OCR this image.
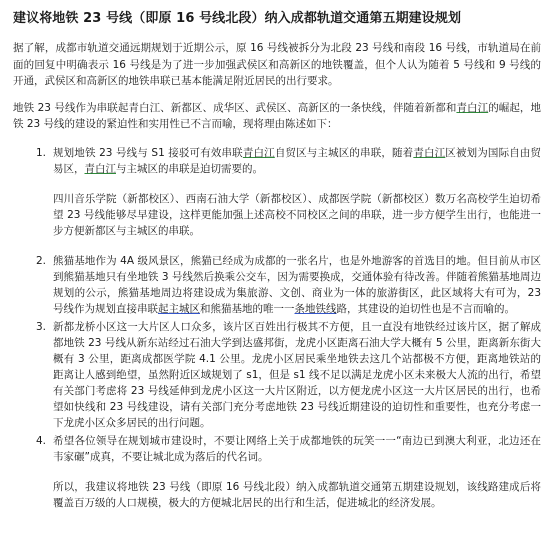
建议将地铁 23 号线（即原 16 号线北段）纳入成都轨道交通第五期建设规划

据了解，成都市轨道交通远期规划于近期公示，原 16 号线被拆分为北段 23 号线和南段 16 号线，市轨道局在前面的回复中明确表示 16 号线是为了进一步加强武侯区和高新区的地铁覆盖，但个人认为随着 5 号线和 9 号线的开通，武侯区和高新区的地铁串联已基本能满足附近居民的出行要求。

地铁 23 号线作为串联起青白江、新都区、成华区、武侯区、高新区的一条快线，伴随着新都和青白江的崛起，地铁 23 号线的建设的紧迫性和实用性已不言而喻，现将理由陈述如下：

1. 规划地铁 23 号线与 S1 接驳可有效串联青白江自贸区与主城区的串联，随着青白江区被划为国际自由贸易区，青白江与主城区的串联是迫切需要的。
四川音乐学院（新都校区）、西南石油大学（新都校区）、成都医学院（新都校区）数万名高校学生迫切希望 23 号线能够尽早建设，这样更能加强上述高校不同校区之间的串联，进一步方便学生出行，也能进一步方便新都区与主城区的串联。
2. 熊猫基地作为 4A 级风景区，熊猫已经成为成都的一张名片，也是外地游客的首选目的地。但目前从市区到熊猫基地只有坐地铁 3 号线然后换乘公交车，因为需要换成，交通体验有待改善。伴随着熊猫基地周边规划的公示，熊猫基地周边将建设成为集旅游、文创、商业为一体的旅游街区，此区域将大有可为，23 号线作为规划直接串联起主城区和熊猫基地的唯一一条地铁线路，其建设的迫切性也是不言而喻的。
3. 新都龙桥小区这一大片区人口众多，该片区百姓出行极其不方便，且一直没有地铁经过该片区，据了解成都地铁 23 号线从新东站经过石油大学到达盛邦街，龙虎小区距离石油大学大概有 5 公里，距离新东街大概有 3 公里，距离成都医学院 4.1 公里。龙虎小区居民乘坐地铁去这几个站都极不方便，距离地铁站的距离让人感到绝望，虽然附近区域规划了 s1，但是 s1 线不足以满足龙虎小区未来极大人流的出行，希望有关部门考虑将 23 号线延伸到龙虎小区这一大片区附近，以方便龙虎小区这一大片区居民的出行，也希望如快线和 23 号线建设，请有关部门充分考虑地铁 23 号线近期建设的迫切性和重要性，也充分考虑一下龙虎小区众多居民的出行问题。
4. 希望各位领导在规划城市建设时，不要让网络上关于成都地铁的玩笑一一“南边已到澳大利亚，北边还在韦家碾”成真，不要让城北成为落后的代名词。

所以，我建议将地铁 23 号线（即原 16 号线北段）纳入成都轨道交通第五期建设规划，该线路建成后将覆盖百万级的人口规模，极大的方便城北居民的出行和生活，促进城北的经济发展。
